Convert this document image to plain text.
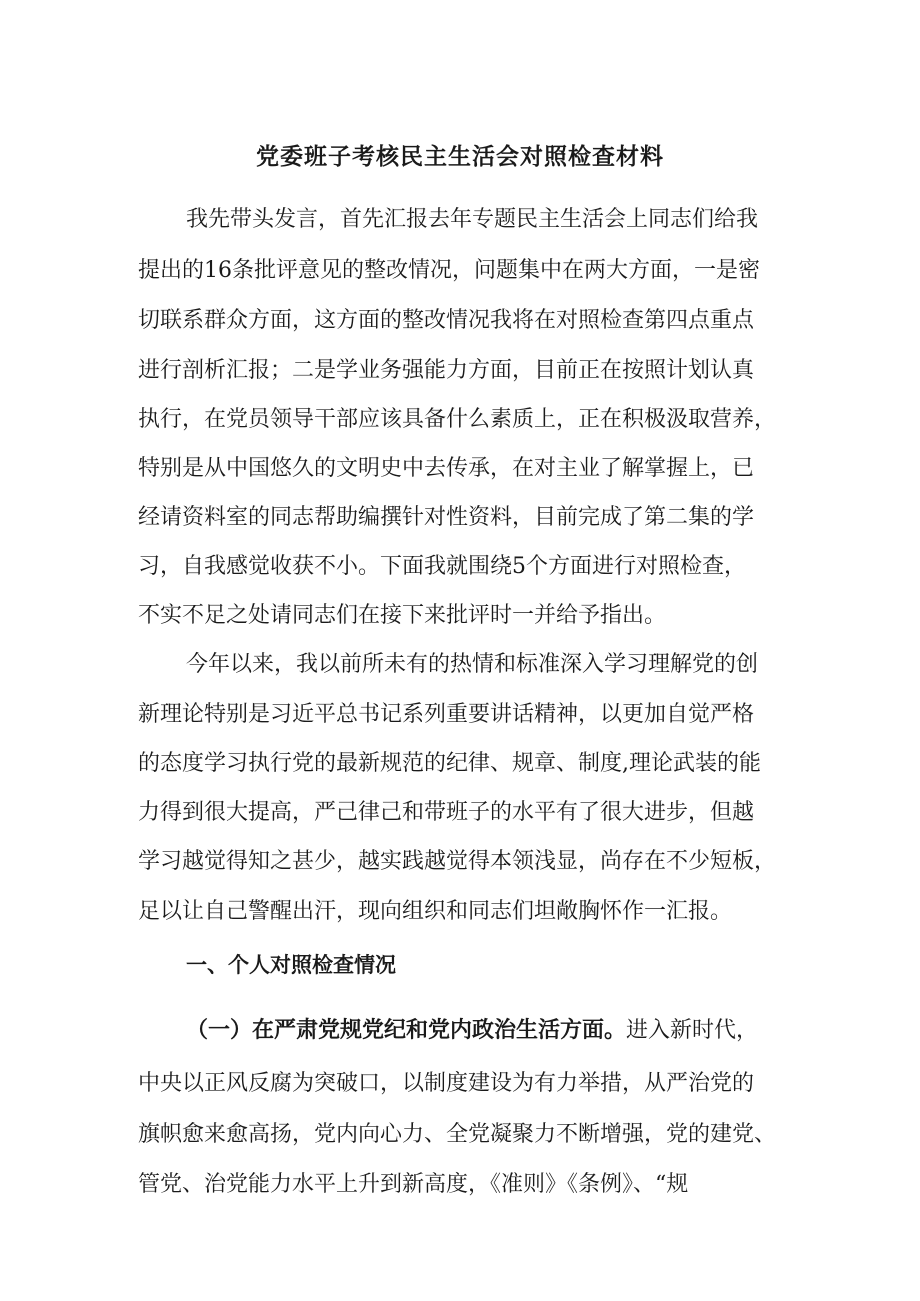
党委班子考核民主生活会对照检查材料

我先带头发言，首先汇报去年专题民主生活会上同志们给我

提出的16条批评意见的整改情况，问题集中在两大方面，一是密

切联系群众方面，这方面的整改情况我将在对照检查第四点重点

进行剖析汇报；二是学业务强能力方面，目前正在按照计划认真

执行，在党员领导干部应该具备什么素质上，正在积极汲取营养，

特别是从中国悠久的文明史中去传承，在对主业了解掌握上，已

经请资料室的同志帮助编撰针对性资料，目前完成了第二集的学

习，自我感觉收获不小。下面我就围绕5个方面进行对照检查，

不实不足之处请同志们在接下来批评时一并给予指出。

今年以来，我以前所未有的热情和标准深入学习理解党的创

新理论特别是习近平总书记系列重要讲话精神，以更加自觉严格

的态度学习执行党的最新规范的纪律、规章、制度,理论武装的能

力得到很大提高，严己律己和带班子的水平有了很大进步，但越

学习越觉得知之甚少，越实践越觉得本领浅显，尚存在不少短板，

足以让自己警醒出汗，现向组织和同志们坦敞胸怀作一汇报。

一、个人对照检查情况

（一）在严肃党规党纪和党内政治生活方面。进入新时代，

中央以正风反腐为突破口，以制度建设为有力举措，从严治党的

旗帜愈来愈高扬，党内向心力、全党凝聚力不断增强，党的建党、

管党、治党能力水平上升到新高度，《准则》《条例》、“规
